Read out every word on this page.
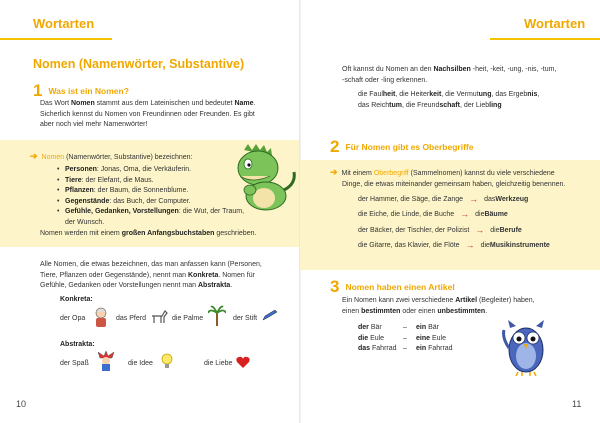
Wortarten
Nomen (Namenwörter, Substantive)
1 Was ist ein Nomen?
Das Wort Nomen stammt aus dem Lateinischen und bedeutet Name.
Sicherlich kennst du Nomen von Freundinnen oder Freunden. Es gibt
aber noch viel mehr Namenwörter!
➔ Nomen (Namenwörter, Substantive) bezeichnen:
• Personen: Jonas, Oma, die Verkäuferin.
• Tiere: der Elefant, die Maus.
• Pflanzen: der Baum, die Sonnenblume.
• Gegenstände: das Buch, der Computer.
• Gefühle, Gedanken, Vorstellungen: die Wut, der Traum,
der Wunsch.
Nomen werden mit einem großen Anfangsbuchstaben geschrieben.
Alle Nomen, die etwas bezeichnen, das man anfassen kann (Personen,
Tiere, Pflanzen oder Gegenstände), nennt man Konkreta. Nomen für
Gefühle, Gedanken oder Vorstellungen nennt man Abstrakta.
Konkreta:
der Opa	das Pferd	die Palme	der Stift
Abstrakta:
der Spaß	die Idee	die Liebe
10
Wortarten
Oft kannst du Nomen an den Nachsilben -heit, -keit, -ung, -nis, -tum,
-schaft oder -ling erkennen.
die Faulheit, die Heiterkeit, die Vermutung, das Ergebnis,
das Reichtum, die Freundschaft, der Liebling
2 Für Nomen gibt es Oberbegriffe
➔ Mit einem Oberbegriff (Sammelnomen) kannst du viele verschiedene
Dinge, die etwas miteinander gemeinsam haben, gleichzeitig benennen.
der Hammer, die Säge, die Zange → das Werkzeug
die Eiche, die Linde, die Buche → die Bäume
der Bäcker, der Tischler, der Polizist → die Berufe
die Gitarre, das Klavier, die Flöte → die Musikinstrumente
3 Nomen haben einen Artikel
Ein Nomen kann zwei verschiedene Artikel (Begleiter) haben,
einen bestimmten oder einen unbestimmten.
der Bär	– ein Bär
die Eule	– eine Eule
das Fahrrad – ein Fahrrad
11
